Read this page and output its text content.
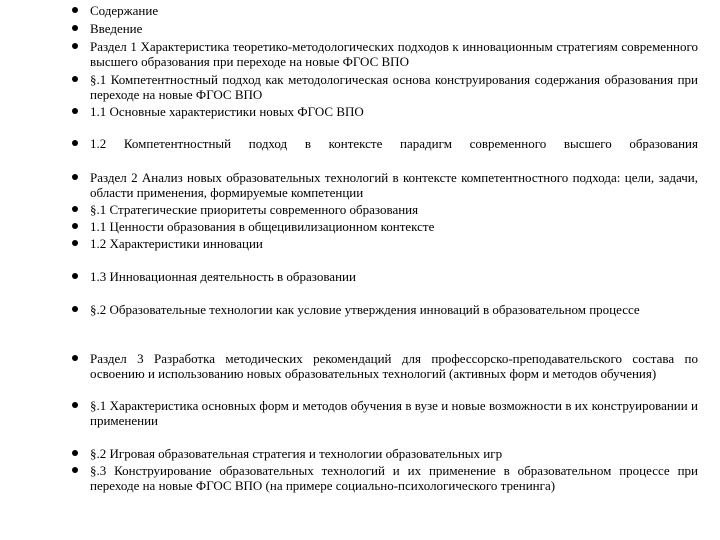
Содержание
Введение
Раздел 1 Характеристика теоретико-методологических подходов к инновационным стратегиям современного высшего образования при переходе на новые ФГОС ВПО
§.1 Компетентностный подход как методологическая основа конструирования содержания образования при переходе на новые ФГОС ВПО
1.1 Основные характеристики новых ФГОС ВПО
1.2 Компетентностный подход в контексте парадигм современного высшего образования
Раздел 2 Анализ новых образовательных технологий в контексте компетентностного подхода: цели, задачи, области применения, формируемые компетенции
§.1 Стратегические приоритеты современного образования
1.1 Ценности образования в общецивилизационном контексте
1.2 Характеристики инновации
1.3 Инновационная деятельность в образовании
§.2 Образовательные технологии как условие утверждения инноваций в образовательном процессе
Раздел 3 Разработка методических рекомендаций для профессорско-преподавательского состава по освоению и использованию новых образовательных технологий (активных форм и методов обучения)
§.1 Характеристика основных форм и методов обучения в вузе и новые возможности в их конструировании и применении
§.2 Игровая образовательная стратегия и технологии образовательных игр
§.3 Конструирование образовательных технологий и их применение в образовательном процессе при переходе на новые ФГОС ВПО (на примере социально-психологического тренинга)
